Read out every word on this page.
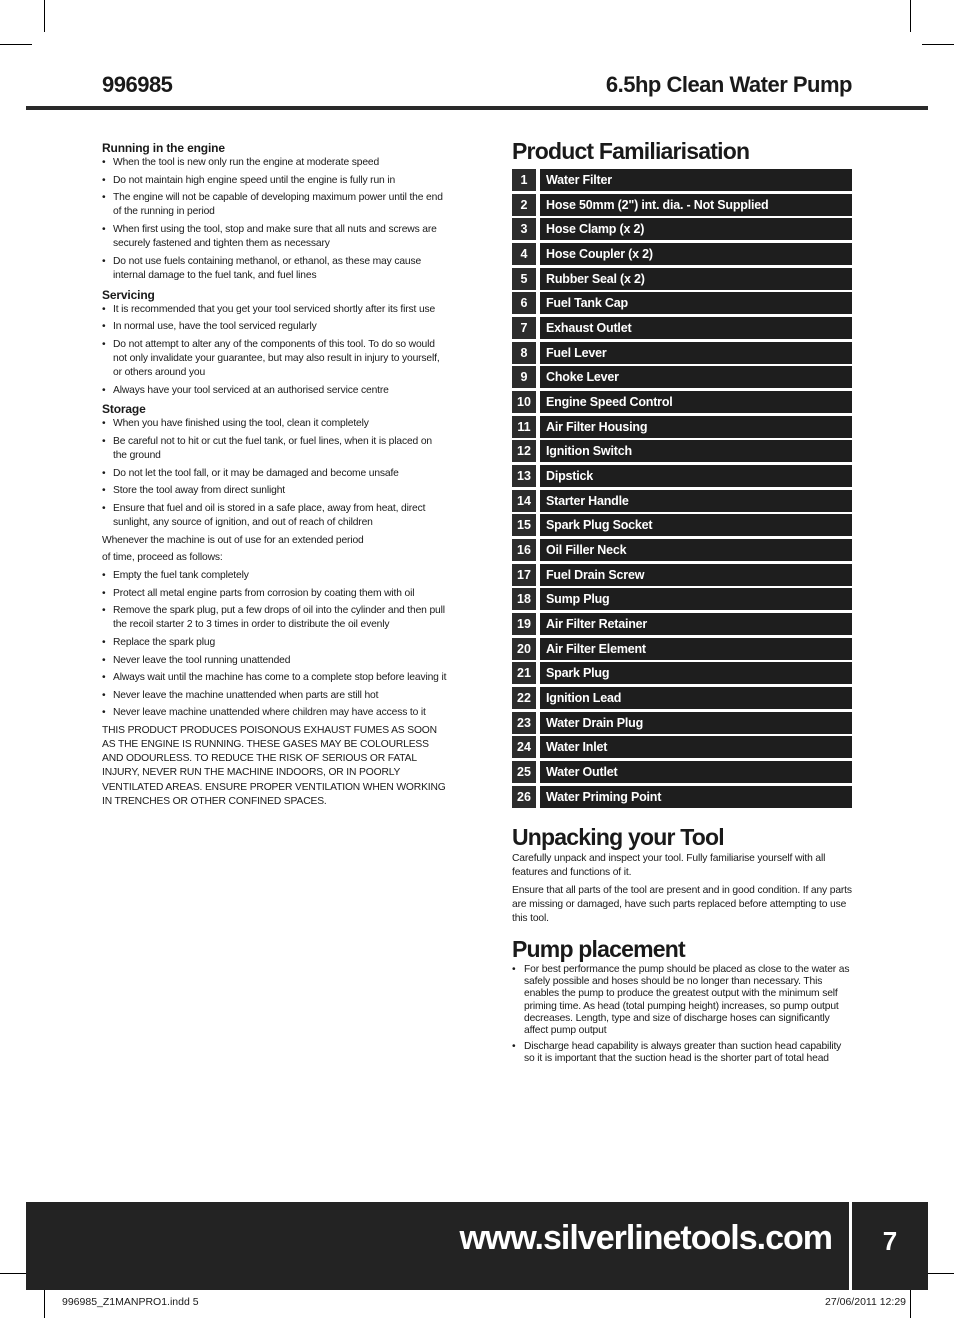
996985	6.5hp Clean Water Pump
Running in the engine
• When the tool is new only run the engine at moderate speed
• Do not maintain high engine speed until the engine is fully run in
• The engine will not be capable of developing maximum power until the end of the running in period
• When first using the tool, stop and make sure that all nuts and screws are securely fastened and tighten them as necessary
• Do not use fuels containing methanol, or ethanol, as these may cause internal damage to the fuel tank, and fuel lines
Servicing
• It is recommended that you get your tool serviced shortly after its first use
• In normal use, have the tool serviced regularly
• Do not attempt to alter any of the components of this tool. To do so would not only invalidate your guarantee, but may also result in injury to yourself, or others around you
• Always have your tool serviced at an authorised service centre
Storage
• When you have finished using the tool, clean it completely
• Be careful not to hit or cut the fuel tank, or fuel lines, when it is placed on the ground
• Do not let the tool fall, or it may be damaged and become unsafe
• Store the tool away from direct sunlight
• Ensure that fuel and oil is stored in a safe place, away from heat, direct sunlight, any source of ignition, and out of reach of children

Whenever the machine is out of use for an extended period

of time, proceed as follows:

• Empty the fuel tank completely
• Protect all metal engine parts from corrosion by coating them with oil
• Remove the spark plug, put a few drops of oil into the cylinder and then pull the recoil starter 2 to 3 times in order to distribute the oil evenly
• Replace the spark plug
• Never leave the tool running unattended
• Always wait until the machine has come to a complete stop before leaving it
• Never leave the machine unattended when parts are still hot
• Never leave machine unattended where children may have access to it

THIS PRODUCT PRODUCES POISONOUS EXHAUST FUMES AS SOON AS THE ENGINE IS RUNNING. THESE GASES MAY BE COLOURLESS AND ODOURLESS. TO REDUCE THE RISK OF SERIOUS OR FATAL INJURY, NEVER RUN THE MACHINE INDOORS, OR IN POORLY VENTILATED AREAS. ENSURE PROPER VENTILATION WHEN WORKING IN TRENCHES OR OTHER CONFINED SPACES.

Product Familiarisation
1	Water Filter
2	Hose 50mm (2") int. dia. - Not Supplied
3	Hose Clamp (x 2)
4	Hose Coupler (x 2)
5	Rubber Seal (x 2)
6	Fuel Tank Cap
7	Exhaust Outlet
8	Fuel Lever
9	Choke Lever
10	Engine Speed Control
11	Air Filter Housing
12	Ignition Switch
13	Dipstick
14	Starter Handle
15	Spark Plug Socket
16	Oil Filler Neck
17	Fuel Drain Screw
18	Sump Plug
19	Air Filter Retainer
20	Air Filter Element
21	Spark Plug
22	Ignition Lead
23	Water Drain Plug
24	Water Inlet
25	Water Outlet
26	Water Priming Point
Unpacking your Tool

Carefully unpack and inspect your tool. Fully familiarise yourself with all features and functions of it.

Ensure that all parts of the tool are present and in good condition. If any parts are missing or damaged, have such parts replaced before attempting to use this tool.

Pump placement
• For best performance the pump should be placed as close to the water as safely possible and hoses should be no longer than necessary. This enables the pump to produce the greatest output with the minimum self priming time. As head (total pumping height) increases, so pump output decreases. Length, type and size of discharge hoses can significantly affect pump output
• Discharge head capability is always greater than suction head capability so it is important that the suction head is the shorter part of total head
www.silverlinetools.com	7
996985_Z1MANPRO1.indd 5	27/06/2011 12:29
